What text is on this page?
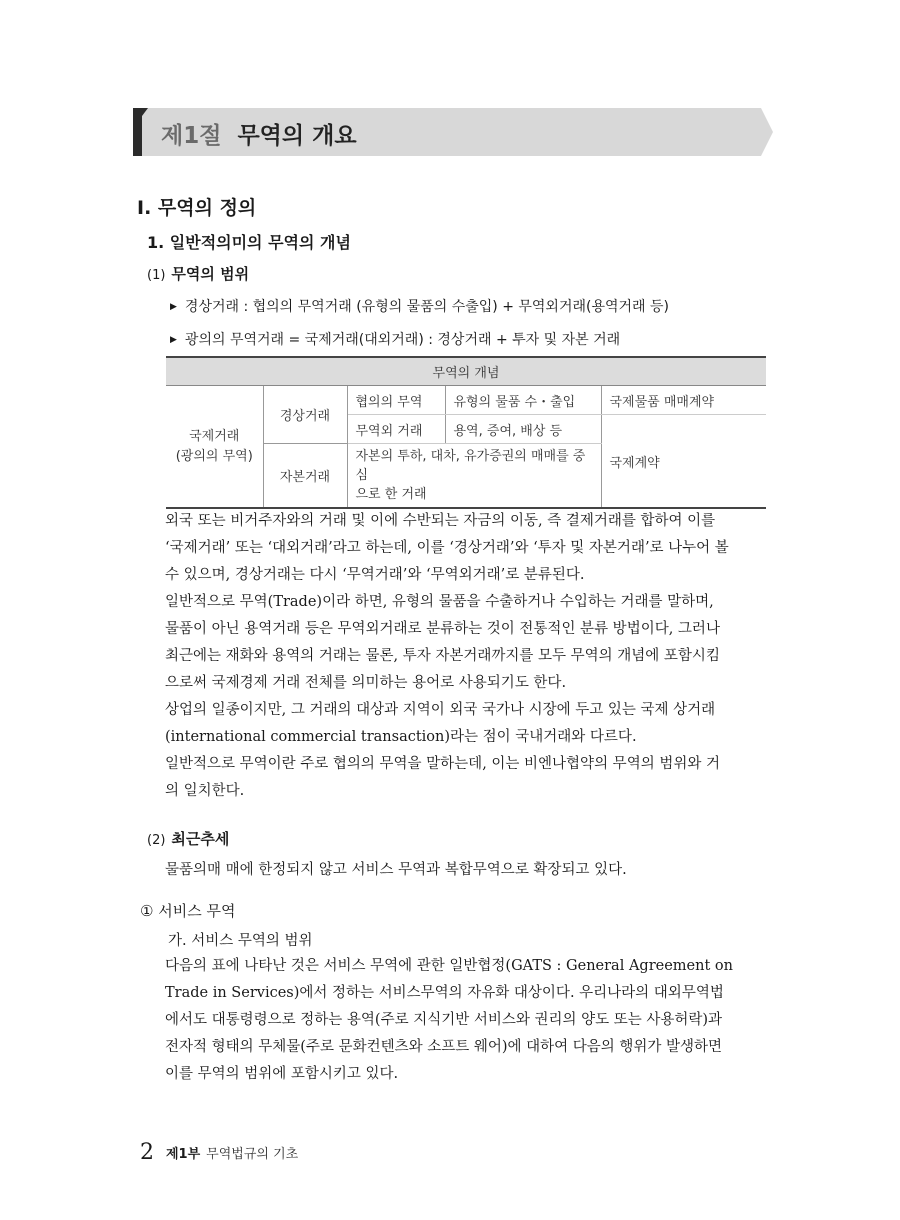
제1절 무역의 개요
Ⅰ. 무역의 정의
1. 일반적의미의 무역의 개념
(1) 무역의 범위
▶ 경상거래 : 협의의 무역거래 (유형의 물품의 수출입) + 무역외거래(용역거래 등)
▶ 광의의 무역거래 = 국제거래(대외거래) : 경상거래 + 투자 및 자본 거래
무역의 개념				
국제거래
(광의의 무역)	경상거래	협의의 무역	유형의 물품 수・출입	국제물품 매매계약
		무역외 거래	용역, 증여, 배상 등	국제계약
	자본거래	자본의 투하, 대차, 유가증권의 매매를 중심
으로 한 거래		
외국 또는 비거주자와의 거래 및 이에 수반되는 자금의 이동, 즉 결제거래를 합하여 이를
‘국제거래’ 또는 ‘대외거래’라고 하는데, 이를 ‘경상거래’와 ‘투자 및 자본거래’로 나누어 볼
수 있으며, 경상거래는 다시 ‘무역거래’와 ‘무역외거래’로 분류된다.
일반적으로 무역(Trade)이라 하면, 유형의 물품을 수출하거나 수입하는 거래를 말하며,
물품이 아닌 용역거래 등은 무역외거래로 분류하는 것이 전통적인 분류 방법이다, 그러나
최근에는 재화와 용역의 거래는 물론, 투자 자본거래까지를 모두 무역의 개념에 포함시킴
으로써 국제경제 거래 전체를 의미하는 용어로 사용되기도 한다.
상업의 일종이지만, 그 거래의 대상과 지역이 외국 국가나 시장에 두고 있는 국제 상거래
(international commercial transaction)라는 점이 국내거래와 다르다.
일반적으로 무역이란 주로 협의의 무역을 말하는데, 이는 비엔나협약의 무역의 범위와 거
의 일치한다.
(2) 최근추세
물품의매 매에 한정되지 않고 서비스 무역과 복합무역으로 확장되고 있다.
① 서비스 무역
가. 서비스 무역의 범위
다음의 표에 나타난 것은 서비스 무역에 관한 일반협정(GATS : General Agreement on
Trade in Services)에서 정하는 서비스무역의 자유화 대상이다. 우리나라의 대외무역법
에서도 대통령령으로 정하는 용역(주로 지식기반 서비스와 권리의 양도 또는 사용허락)과
전자적 형태의 무체물(주로 문화컨텐츠와 소프트 웨어)에 대하여 다음의 행위가 발생하면
이를 무역의 범위에 포함시키고 있다.
2 제1부 무역법규의 기초
